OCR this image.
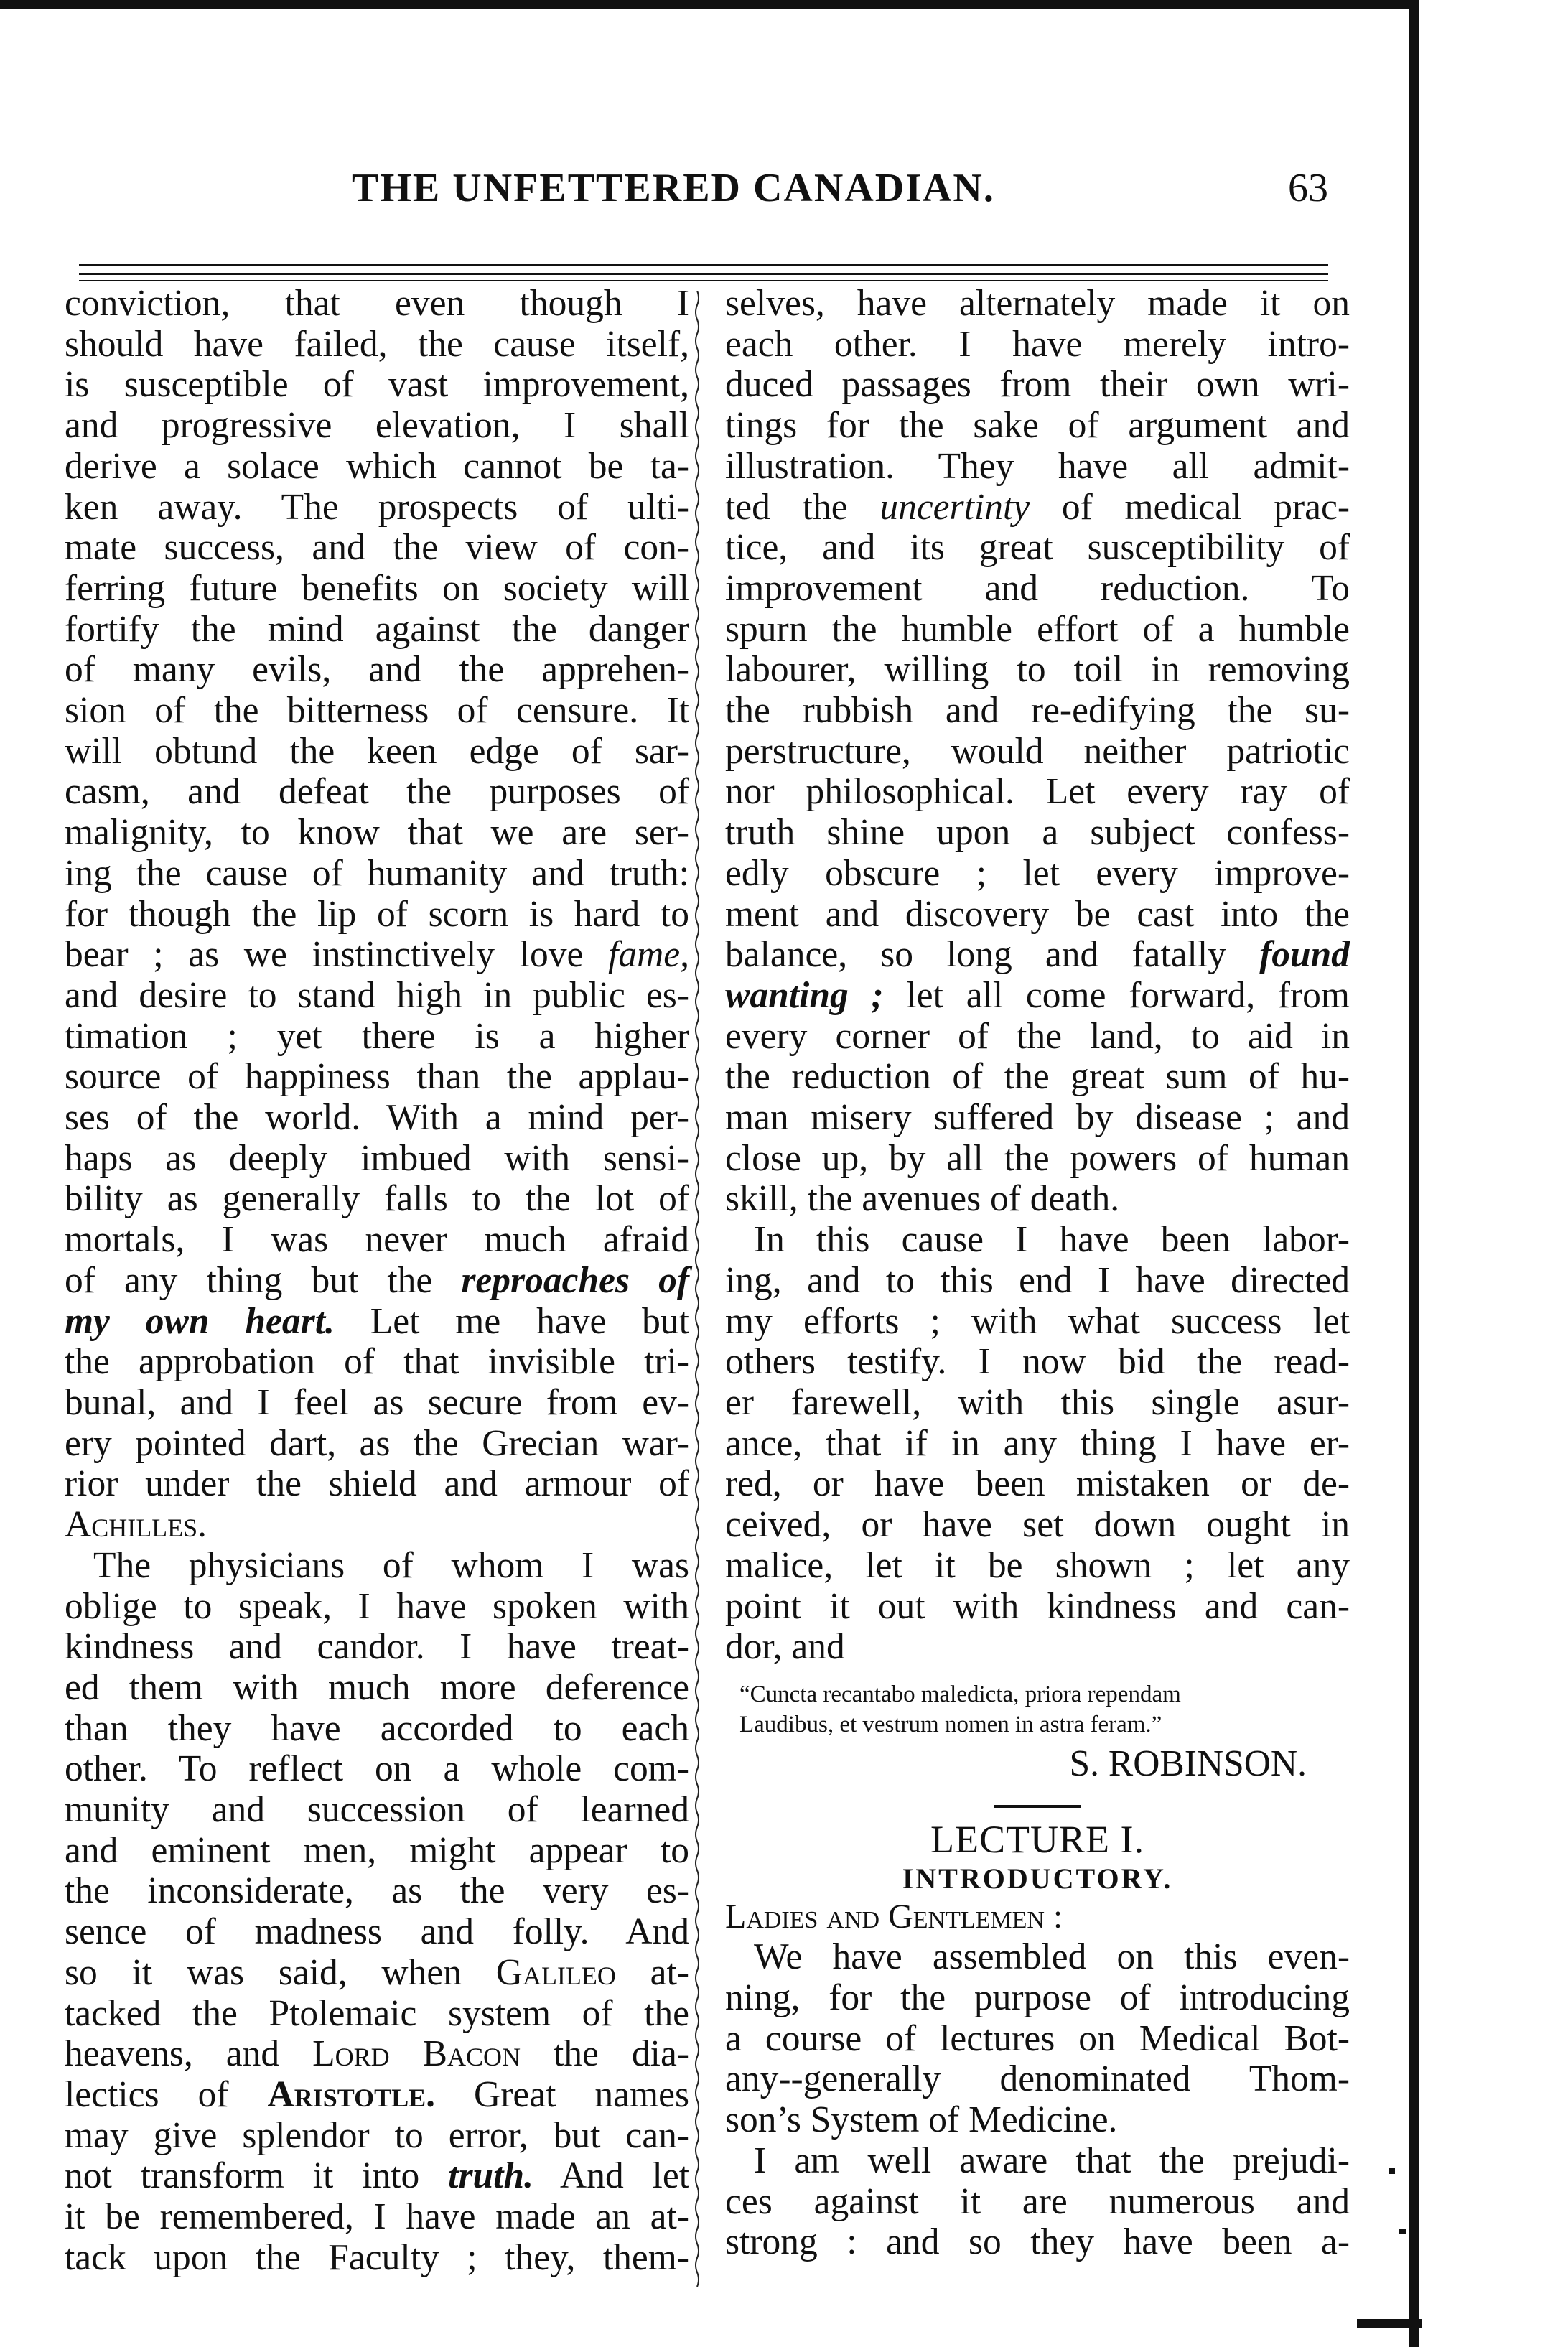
THE UNFETTERED CANADIAN.	63
conviction, that even though I
should have failed, the cause itself,
is susceptible of vast improvement,
and progressive elevation, I shall
derive a solace which cannot be ta-
ken away. The prospects of ulti-
mate success, and the view of con-
ferring future benefits on society will
fortify the mind against the danger
of many evils, and the apprehen-
sion of the bitterness of censure. It
will obtund the keen edge of sar-
casm, and defeat the purposes of
malignity, to know that we are ser-
ing the cause of humanity and truth:
for though the lip of scorn is hard to
bear ; as we instinctively love fame,
and desire to stand high in public es-
timation ; yet there is a higher
source of happiness than the applau-
ses of the world. With a mind per-
haps as deeply imbued with sensi-
bility as generally falls to the lot of
mortals, I was never much afraid
of any thing but the reproaches of
my own heart. Let me have but
the approbation of that invisible tri-
bunal, and I feel as secure from ev-
ery pointed dart, as the Grecian war-
rior under the shield and armour of
Achilles.
The physicians of whom I was
oblige to speak, I have spoken with
kindness and candor. I have treat-
ed them with much more deference
than they have accorded to each
other. To reflect on a whole com-
munity and succession of learned
and eminent men, might appear to
the inconsiderate, as the very es-
sence of madness and folly. And
so it was said, when Galileo at-
tacked the Ptolemaic system of the
heavens, and Lord Bacon the dia-
lectics of Aristotle. Great names
may give splendor to error, but can-
not transform it into truth. And let
it be remembered, I have made an at-
tack upon the Faculty ; they, them-
selves, have alternately made it on
each other. I have merely intro-
duced passages from their own wri-
tings for the sake of argument and
illustration. They have all admit-
ted the uncertinty of medical prac-
tice, and its great susceptibility of
improvement and reduction. To
spurn the humble effort of a humble
labourer, willing to toil in removing
the rubbish and re-edifying the su-
perstructure, would neither patriotic
nor philosophical. Let every ray of
truth shine upon a subject confess-
edly obscure ; let every improve-
ment and discovery be cast into the
balance, so long and fatally found
wanting ; let all come forward, from
every corner of the land, to aid in
the reduction of the great sum of hu-
man misery suffered by disease ; and
close up, by all the powers of human
skill, the avenues of death.
In this cause I have been labor-
ing, and to this end I have directed
my efforts ; with what success let
others testify. I now bid the read-
er farewell, with this single asur-
ance, that if in any thing I have er-
red, or have been mistaken or de-
ceived, or have set down ought in
malice, let it be shown ; let any
point it out with kindness and can-
dor, and
“Cuncta recantabo maledicta, priora rependam
Laudibus, et vestrum nomen in astra feram.”
S. ROBINSON.
LECTURE I.
INTRODUCTORY.
Ladies and Gentlemen :
We have assembled on this even-
ning, for the purpose of introducing
a course of lectures on Medical Bot-
any--generally denominated Thom-
son’s System of Medicine.
I am well aware that the prejudi-
ces against it are numerous and
strong : and so they have been a-
